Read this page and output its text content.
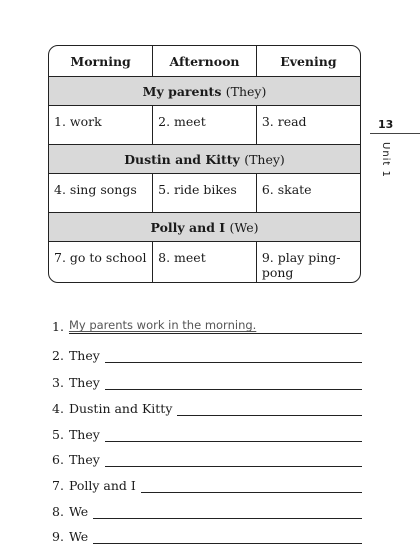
Morning	Afternoon	Evening
My parents (They)		
1. work	2. meet	3. read
Dustin and Kitty (They)		
4. sing songs	5. ride bikes	6. skate
Polly and I (We)		
7. go to school	8. meet	9. play ping-pong
13
Unit 1
1. My parents work in the morning.
2. They
3. They
4. Dustin and Kitty
5. They
6. They
7. Polly and I
8. We
9. We
